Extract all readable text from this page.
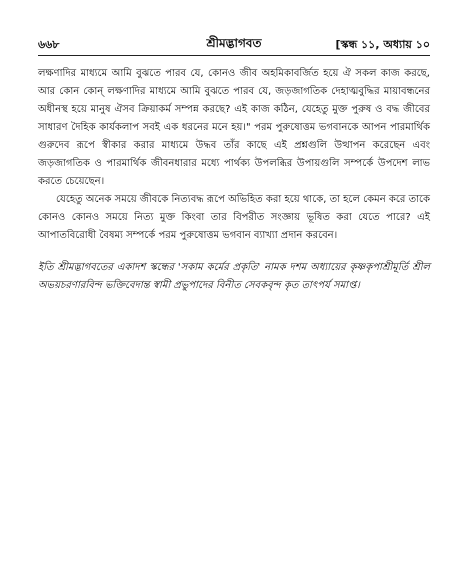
৬৬৮	শ্রীমদ্ভাগবত	[স্কন্ধ ১১, অধ্যায় ১০

লক্ষণাদির মাধ্যমে আমি বুঝতে পারব যে, কোনও জীব অহমিকাবর্জিত হয়ে ঐ সকল কাজ করছে, আর কোন কোন্ লক্ষণাদির মাধ্যমে আমি বুঝতে পারব যে, জড়জাগতিক দেহাত্মবুদ্ধির মায়াবন্ধনের অধীনস্থ হয়ে মানুষ ঐসব ক্রিয়াকর্ম সম্পন্ন করছে? এই কাজ কঠিন, যেহেতু মুক্ত পুরুষ ও বদ্ধ জীবের সাধারণ দৈহিক কার্যকলাপ সবই এক ধরনের মনে হয়।" পরম পুরুষোত্তম ভগবানকে আপন পারমার্থিক গুরুদেব রূপে স্বীকার করার মাধ্যমে উদ্ধব তাঁর কাছে এই প্রশ্নগুলি উত্থাপন করেছেন এবং জড়জাগতিক ও পারমার্থিক জীবনধারার মধ্যে পার্থক্য উপলব্ধির উপায়গুলি সম্পর্কে উপদেশ লাভ করতে চেয়েছেন।

যেহেতু অনেক সময়ে জীবকে নিত্যবদ্ধ রূপে অভিহিত করা হয়ে থাকে, তা হলে কেমন করে তাকে কোনও কোনও সময়ে নিত্য মুক্ত কিংবা তার বিপরীত সংজ্ঞায় ভূষিত করা যেতে পারে? এই আপাতবিরোধী বৈষম্য সম্পর্কে পরম পুরুষোত্তম ভগবান ব্যাখ্যা প্রদান করবেন।

ইতি শ্রীমদ্ভাগবতের একাদশ স্কন্ধের 'সকাম কর্মের প্রকৃতি' নামক দশম অধ্যায়ের কৃষ্ণকৃপাশ্রীমূর্তি শ্রীল অভয়চরণারবিন্দ ভক্তিবেদান্ত স্বামী প্রভুপাদের বিনীত সেবকবৃন্দ কৃত তাৎপর্য সমাপ্ত।
